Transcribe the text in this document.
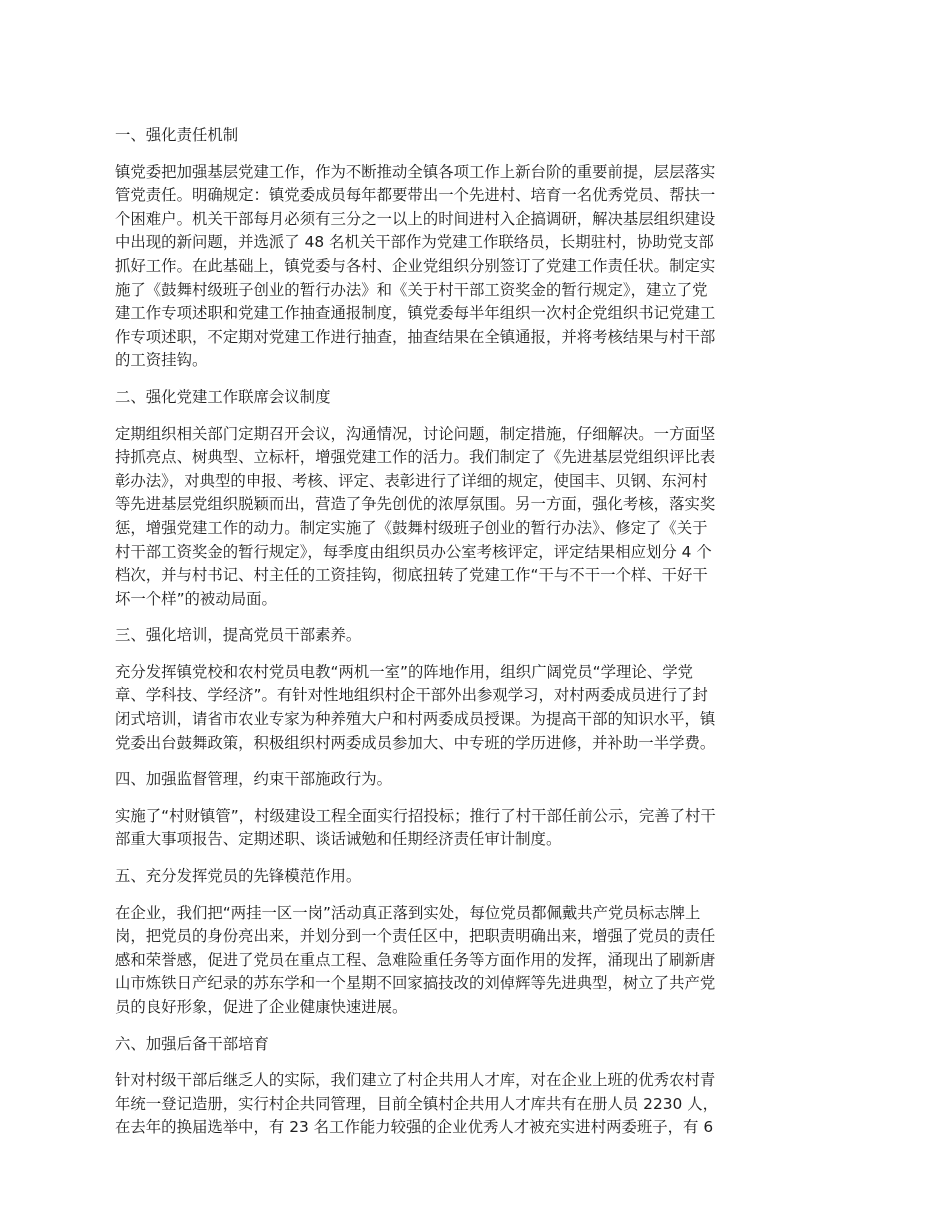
一、强化责任机制
镇党委把加强基层党建工作，作为不断推动全镇各项工作上新台阶的重要前提，层层落实
管党责任。明确规定：镇党委成员每年都要带出一个先进村、培育一名优秀党员、帮扶一
个困难户。机关干部每月必须有三分之一以上的时间进村入企搞调研，解决基层组织建设
中出现的新问题，并选派了 48 名机关干部作为党建工作联络员，长期驻村，协助党支部
抓好工作。在此基础上，镇党委与各村、企业党组织分别签订了党建工作责任状。制定实
施了《鼓舞村级班子创业的暂行办法》和《关于村干部工资奖金的暂行规定》，建立了党
建工作专项述职和党建工作抽查通报制度，镇党委每半年组织一次村企党组织书记党建工
作专项述职，不定期对党建工作进行抽查，抽查结果在全镇通报，并将考核结果与村干部
的工资挂钩。
二、强化党建工作联席会议制度
定期组织相关部门定期召开会议，沟通情况，讨论问题，制定措施，仔细解决。一方面坚
持抓亮点、树典型、立标杆，增强党建工作的活力。我们制定了《先进基层党组织评比表
彰办法》，对典型的申报、考核、评定、表彰进行了详细的规定，使国丰、贝钢、东河村
等先进基层党组织脱颖而出，营造了争先创优的浓厚氛围。另一方面，强化考核，落实奖
惩，增强党建工作的动力。制定实施了《鼓舞村级班子创业的暂行办法》、修定了《关于
村干部工资奖金的暂行规定》，每季度由组织员办公室考核评定，评定结果相应划分 4 个
档次，并与村书记、村主任的工资挂钩，彻底扭转了党建工作“干与不干一个样、干好干
坏一个样”的被动局面。
三、强化培训，提高党员干部素养。
充分发挥镇党校和农村党员电教“两机一室”的阵地作用，组织广阔党员“学理论、学党
章、学科技、学经济”。有针对性地组织村企干部外出参观学习，对村两委成员进行了封
闭式培训，请省市农业专家为种养殖大户和村两委成员授课。为提高干部的知识水平，镇
党委出台鼓舞政策，积极组织村两委成员参加大、中专班的学历进修，并补助一半学费。
四、加强监督管理，约束干部施政行为。
实施了“村财镇管”，村级建设工程全面实行招投标；推行了村干部任前公示，完善了村干
部重大事项报告、定期述职、谈话诫勉和任期经济责任审计制度。
五、充分发挥党员的先锋模范作用。
在企业，我们把“两挂一区一岗”活动真正落到实处，每位党员都佩戴共产党员标志牌上
岗，把党员的身份亮出来，并划分到一个责任区中，把职责明确出来，增强了党员的责任
感和荣誉感，促进了党员在重点工程、急难险重任务等方面作用的发挥，涌现出了刷新唐
山市炼铁日产纪录的苏东学和一个星期不回家搞技改的刘倬辉等先进典型，树立了共产党
员的良好形象，促进了企业健康快速进展。
六、加强后备干部培育
针对村级干部后继乏人的实际，我们建立了村企共用人才库，对在企业上班的优秀农村青
年统一登记造册，实行村企共同管理，目前全镇村企共用人才库共有在册人员 2230 人，
在去年的换届选举中，有 23 名工作能力较强的企业优秀人才被充实进村两委班子，有 6
